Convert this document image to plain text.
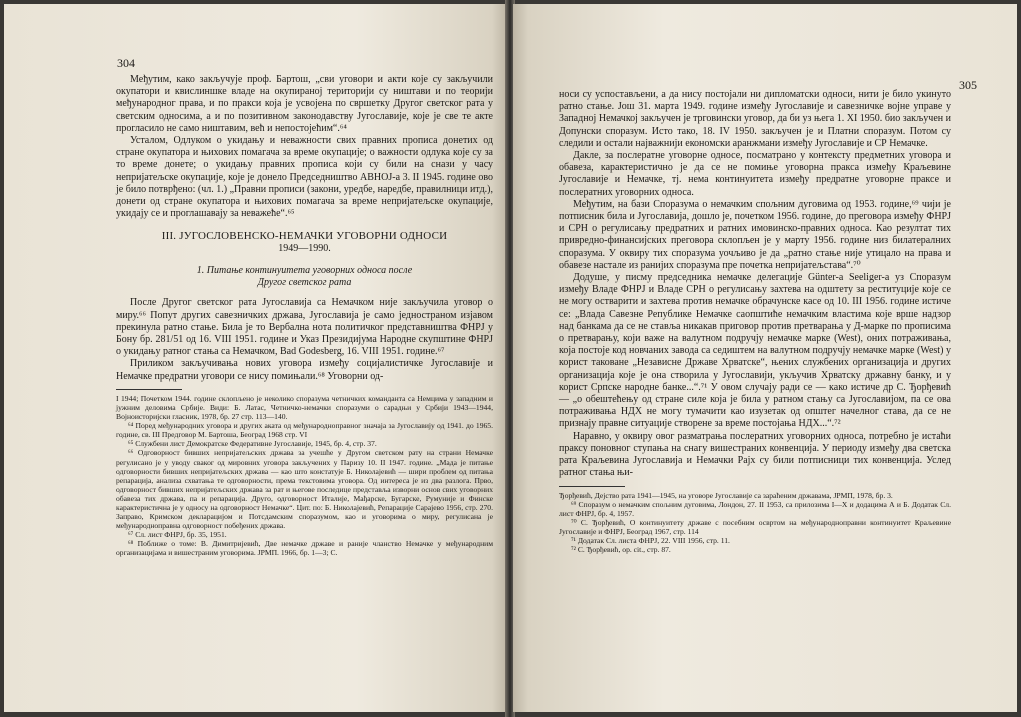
304

Међутим, како закључује проф. Бартош, „сви уговори и акти које су закључили окупатори и квислиншке владе на окупираној територији су ништави и по теорији међународног права, и по пракси која је усвојена по свршетку Другог светског рата у светским односима, а и по позитивном законодавству Југославије, које је све те акте прогласило не само ништавим, већ и непостојећим“.⁶⁴

Усталом, Одлуком о укидању и неважности свих правних прописа донетих од стране окупатора и њихових помагача за време окупације; о важности одлука које су за то време донете; о укидању правних прописа који су били на снази у часу непријатељске окупације, које је донело Председништво АВНОЈ-а 3. II 1945. године ово је било потврђено: (чл. 1.) „Правни прописи (закони, уредбе, наредбе, правилници итд.), донети од стране окупатора и њихових помагача за време непријатељске окупације, укидају се и проглашавају за неважеће“.⁶⁵

III. ЈУГОСЛОВЕНСКО-НЕМАЧКИ УГОВОРНИ ОДНОСИ
1949—1990.
1. Питање континуитета уговорних односа после
Другог светског рата

После Другог светског рата Југославија са Немачком није закључила уговор о миру.⁶⁶ Попут других савезничких држава, Југославија је само једностраном изјавом прекинула ратно стање. Била је то Вербална нота политичког представништва ФНРЈ у Бону бр. 281/51 од 16. VIII 1951. године и Указ Президијума Народне скупштине ФНРЈ о укидању ратног стања са Немачком, Bad Godesberg, 16. VIII 1951. године.⁶⁷

Приликом закључивања нових уговора између социјалистичке Југославије и Немачке предратни уговори се нису помињали.⁶⁸ Уговорни од-

I 1944; Почетком 1944. године склопљено је неколико споразума четничких команданта са Немцима у западним и јужним деловима Србије. Види: Б. Латас, Четничко-немачки споразуми о сарадњи у Србији 1943—1944, Војноисторијски гласник, 1978, бр. 27 стр. 113—140.

⁶⁴ Поред међународних уговора и других аката од међународноправног значаја за Југославију од 1941. до 1965. године, св. III Предговор М. Бартоша, Београд 1968 стр. VI

⁶⁵ Службени лист Демократске Федеративне Југославије, 1945, бр. 4, стр. 37.

⁶⁶ Одговорност бивших непријатељских држава за учешће у Другом светском рату на страни Немачке регулисано је у уводу сваког од мировних уговора закључених у Паризу 10. II 1947. године. „Мада је питање одговорности бивших непријатељских држава — као што констатује Б. Николајевић — шири проблем од питања репарација, анализа схватања те одговорности, према текстовима уговора. Од интереса је из два разлога. Прво, одговорност бивших непријатељских држава за рат и његове последице представља изворни основ свих уговорних обавеза тих држава, па и репарација. Друго, одговорност Италије, Мађарске, Бугарске, Румуније и Финске карактеристична је у односу на одговорност Немачке“. Цит. по: Б. Николајевић, Репарације Сарајево 1956, стр. 270. Заправо, Кримском декларацијом и Потсдамским споразумом, као и уговорима о миру, регулисана је међународноправна одговорност побеђених држава.

⁶⁷ Сл. лист ФНРЈ, бр. 35, 1951.

⁶⁸ Поближе о томе: В. Димитријевић, Две немачке државе и раније чланство Немачке у међународним организацијама и вишестраним уговорима. ЈРМП. 1966, бр. 1—3; С.

305

носи су успостављени, а да нису постојали ни дипломатски односи, нити је било укинуто ратно стање. Још 31. марта 1949. године између Југославије и савезничке војне управе у Западној Немачкој закључен је трговински уговор, да би уз њега 1. XI 1950. био закључен и Допунски споразум. Исто тако, 18. IV 1950. закључен је и Платни споразум. Потом су следили и остали најважнији економски аранжмани између Југославије и СР Немачке.

Дакле, за послератне уговорне односе, посматрано у контексту предметних уговора и обавеза, карактеристично је да се не помиње уговорна пракса између Краљевине Југославије и Немачке, тј. нема континуитета између предратне уговорне праксе и послератних уговорних односа.

Међутим, на бази Споразума о немачким спољним дуговима од 1953. године,⁶⁹ чији је потписник била и Југославија, дошло је, почетком 1956. године, до преговора између ФНРЈ и СРН о регулисању предратних и ратних имовинско-правних односа. Као резултат тих привредно-финансијских преговора склопљен је у марту 1956. године низ билатералних споразума. У оквиру тих споразума уочљиво је да „ратно стање није утицало на права и обавезе настале из ранијих споразума пре почетка непријатељстава“.⁷⁰

Додуше, у писму председника немачке делегације Günter-a Seeliger-a уз Споразум између Владе ФНРЈ и Владе СРН о регулисању захтева на одштету за реституције које се не могу остварити и захтева против немачке обрачунске касе од 10. III 1956. године истиче се: „Влада Савезне Републике Немачке саопштиће немачким властима које врше надзор над банкама да се не стављa никакав приговор против претварања у Д-марке по прописима о претварању, који важе на валутном подручју немачке марке (West), оних потраживања, која постоје код новчаних завода са седиштем на валутном подручју немачке марке (West) у корист таковане „Независне Државе Хрватске“, њених службених организација и других организација које је она створила у Југославији, укључив Хрватску државну банку, и у корист Српске народне банке...“.⁷¹ У овом случају ради се — како истиче др С. Ђорђевић — „о обештећењу од стране силе која је била у ратном стању са Југославијом, па се ова потраживања НДХ не могу тумачити као изузетак од општег начелног става, да се не признају правне ситуације створене за време постојања НДХ...“.⁷²

Наравно, у оквиру овог разматрања послератних уговорних односа, потребно је истаћи праксу поновног ступања на снагу вишестраних конвенција. У периоду између два светска рата Краљевина Југославија и Немачки Рајх су били потписници тих конвенција. Услед ратног стања њи-

Ђорђевић, Дејство рата 1941—1945, на уговоре Југославије са зараћеним државама, ЈРМП, 1978, бр. 3.

⁶⁹ Споразум о немачким спољним дуговима, Лондон, 27. II 1953, са прилозима I—X и додацима А и Б. Додатак Сл. лист ФНРЈ, бр. 4, 1957.

⁷⁰ С. Ђорђевић, О континуитету државе с посебним освртом на међународноправни континуитет Краљевине Југославије и ФНРЈ, Београд 1967, стр. 114

⁷¹ Додатак Сл. листа ФНРЈ, 22. VIII 1956, стр. 11.

⁷² С. Ђорђевић, op. cit., стр. 87.
